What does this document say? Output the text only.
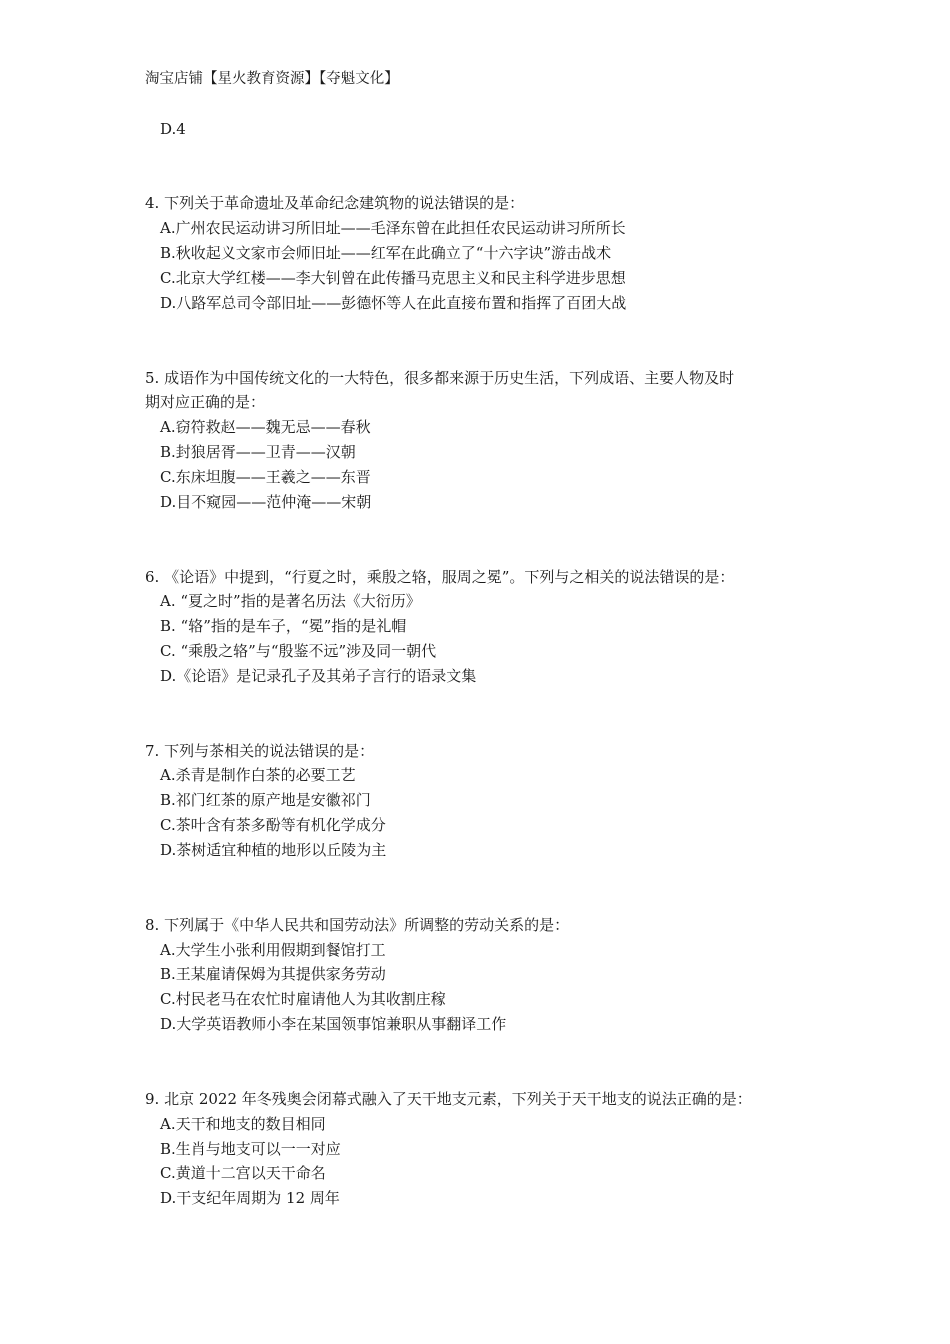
淘宝店铺【星火教育资源】【夺魁文化】
D.4
4. 下列关于革命遗址及革命纪念建筑物的说法错误的是：
A.广州农民运动讲习所旧址——毛泽东曾在此担任农民运动讲习所所长
B.秋收起义文家市会师旧址——红军在此确立了“十六字诀”游击战术
C.北京大学红楼——李大钊曾在此传播马克思主义和民主科学进步思想
D.八路军总司令部旧址——彭德怀等人在此直接布置和指挥了百团大战
5. 成语作为中国传统文化的一大特色，很多都来源于历史生活，下列成语、主要人物及时
期对应正确的是：
A.窃符救赵——魏无忌——春秋
B.封狼居胥——卫青——汉朝
C.东床坦腹——王羲之——东晋
D.目不窥园——范仲淹——宋朝
6. 《论语》中提到，“行夏之时，乘殷之辂，服周之冕”。下列与之相关的说法错误的是：
A. “夏之时”指的是著名历法《大衍历》
B. “辂”指的是车子，“冕”指的是礼帽
C. “乘殷之辂”与“殷鉴不远”涉及同一朝代
D.《论语》是记录孔子及其弟子言行的语录文集
7. 下列与茶相关的说法错误的是：
A.杀青是制作白茶的必要工艺
B.祁门红茶的原产地是安徽祁门
C.茶叶含有茶多酚等有机化学成分
D.茶树适宜种植的地形以丘陵为主
8. 下列属于《中华人民共和国劳动法》所调整的劳动关系的是：
A.大学生小张利用假期到餐馆打工
B.王某雇请保姆为其提供家务劳动
C.村民老马在农忙时雇请他人为其收割庄稼
D.大学英语教师小李在某国领事馆兼职从事翻译工作
9. 北京 2022 年冬残奥会闭幕式融入了天干地支元素，下列关于天干地支的说法正确的是：
A.天干和地支的数目相同
B.生肖与地支可以一一对应
C.黄道十二宫以天干命名
D.干支纪年周期为 12 周年
